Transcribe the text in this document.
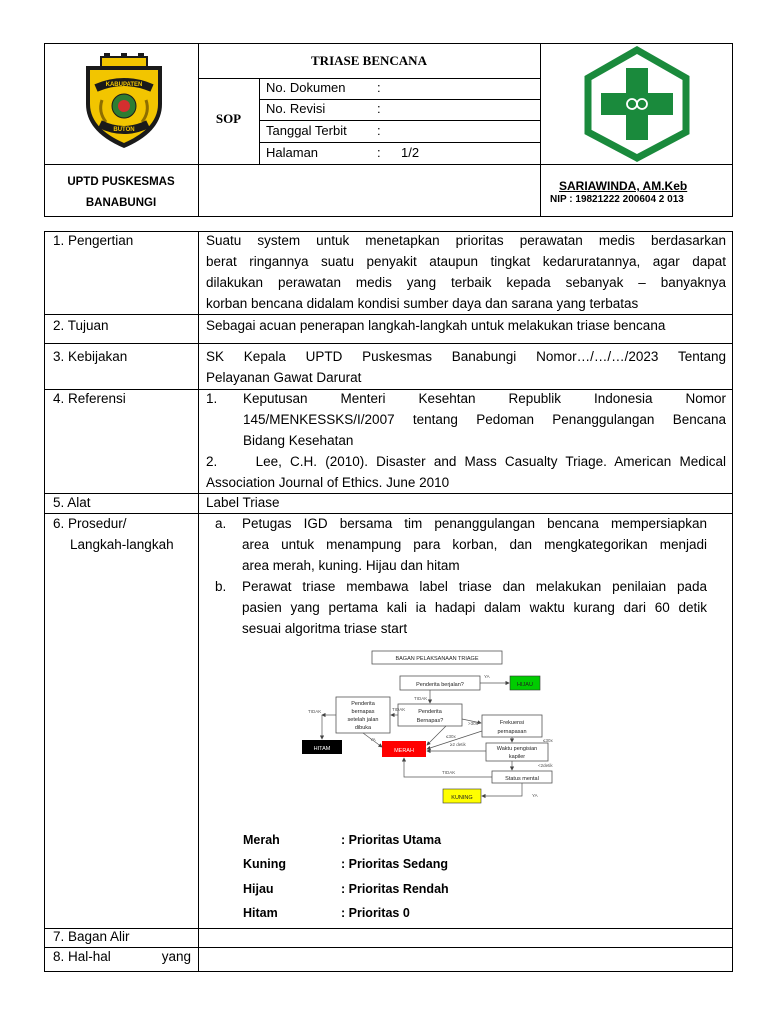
KABUPATEN
BUTON
TRIASE BENCANA
SOP
No. Dokumen :
No. Revisi	:
Tanggal Terbit :
Halaman	: 1/2
UPTD PUSKESMAS
BANABUNGI
SARIAWINDA, AM.Keb
NIP : 19821222 200604 2 013
1. Pengertian	Suatu system untuk menetapkan prioritas perawatan medis berdasarkan
berat ringannya suatu penyakit ataupun tingkat kedaruratannya, agar dapat
dilakukan perawatan medis yang terbaik kepada sebanyak – banyaknya
korban bencana didalam kondisi sumber daya dan sarana yang terbatas
2. Tujuan	Sebagai acuan penerapan langkah-langkah untuk melakukan triase bencana
3. Kebijakan	SK Kepala UPTD Puskesmas Banabungi Nomor…/…/…/2023 Tentang
Pelayanan Gawat Darurat
4. Referensi	1. Keputusan Menteri Kesehtan Republik Indonesia Nomor
145/MENKESSKS/I/2007 tentang Pedoman Penanggulangan Bencana
Bidang Kesehatan
2.	Lee, C.H. (2010). Disaster and Mass Casualty Triage. American Medical
Association Journal of Ethics. June 2010
5. Alat	Label Triase
6. Prosedur/
Langkah-langkah
a. Petugas IGD bersama tim penanggulangan bencana mempersiapkan
area untuk menampung para korban, dan mengkategorikan menjadi
area merah, kuning. Hijau dan hitam
b. Perawat triase membawa label triase dan melakukan penilaian pada
pasien yang pertama kali ia hadapi dalam waktu kurang dari 60 detik
sesuai algoritma triase start
BAGAN PELAKSANAAN TRIAGE
Penderita berjalan?	HIJAU
Penderita
Bernapas?
Penderita
bernapas
setelah jalan
dibuka
HITAM	MERAH
Frekuensi
pernapasan
Waktu pengisian
kapiler
Status mental
KUNING
YA
TIDAK
TIDAK
TIDAK
YA
>30x
≤30x
≥2 detik
≤30x
<2detik
TIDAK
YA
Merah	: Prioritas Utama
Kuning	: Prioritas Sedang
Hijau	: Prioritas Rendah
Hitam	: Prioritas 0
7. Bagan Alir
8. Hal-hal	yang
